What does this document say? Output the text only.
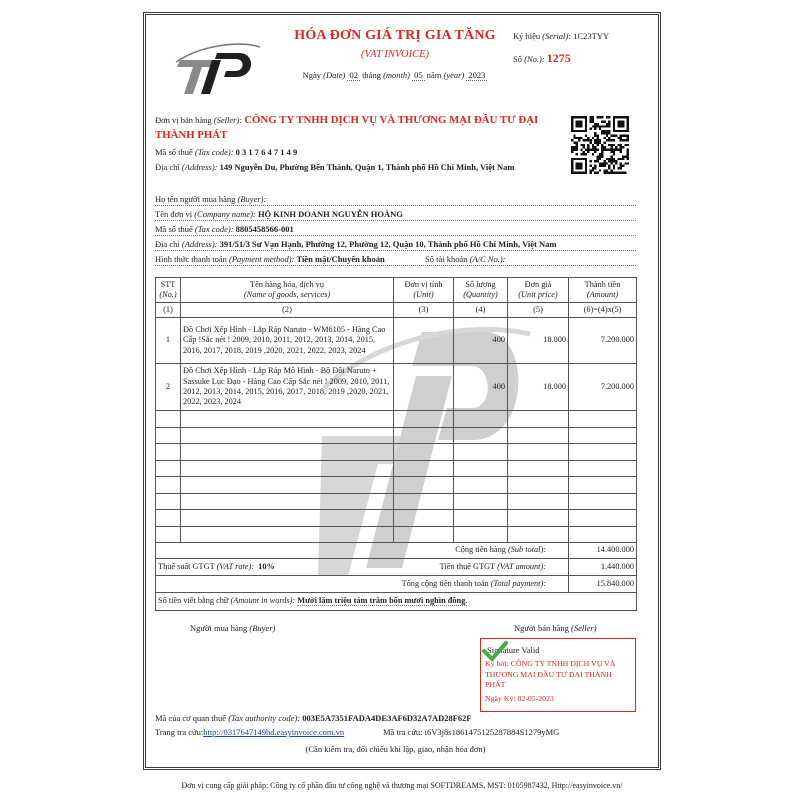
HÓA ĐƠN GIÁ TRỊ GIA TĂNG
(VAT INVOICE)
Ngày (Date) 02 tháng (month) 05 năm (year) 2023
Ký hiệu (Serial): 1C23TYY
Số (No.): 1275
Đơn vị bán hàng (Seller): CÔNG TY TNHH DỊCH VỤ VÀ THƯƠNG MẠI ĐẦU TƯ ĐẠI THÀNH PHÁT
Mã số thuế (Tax code): 0 3 1 7 6 4 7 1 4 9
Địa chỉ (Address): 149 Nguyễn Du, Phường Bến Thành, Quận 1, Thành phố Hồ Chí Minh, Việt Nam
Họ tên người mua hàng (Buyer):
Tên đơn vị (Company name): HỘ KINH DOANH NGUYỄN HOÀNG
Mã số thuế (Tax code): 8805458566-001
Địa chỉ (Address): 391/51/3 Sư Vạn Hạnh, Phường 12, Phường 12, Quận 10, Thành phố Hồ Chí Minh, Việt Nam
Hình thức thanh toán (Payment method): Tiền mặt/Chuyển khoản	Số tài khoản (A/C No.):
STT
(No.)	Tên hàng hóa, dịch vụ
(Name of goods, services)	Đơn vị tính
(Unit)	Số lượng
(Quantity)	Đơn giá
(Unit price)	Thành tiền
(Amount)

(1)	(2)	(3)	(4)	(5)	(6)=(4)x(5)
1	Đồ Chơi Xếp Hình - Lắp Ráp Naruto - WM6105 - Hàng Cao Cấp !Sắc nét ! 2009, 2010, 2011, 2012, 2013, 2014, 2015, 2016, 2017, 2018, 2019 ,2020, 2021, 2022, 2023, 2024		400	18.000	7.200.000
2	Đồ Chơi Xếp Hình - Lắp Ráp Mô Hình - Bộ Đôi Naruto + Sassuke Lục Đạo - Hàng Cao Cấp Sắc nét ! 2009, 2010, 2011, 2012, 2013, 2014, 2015, 2016, 2017, 2018, 2019 ,2020, 2021, 2022, 2023, 2024		400	18.000	7.200.000

Cộng tiền hàng (Sub total):					14.400.000

Thuế suất GTGT (VAT rate): 10% Tiền thuế GTGT (VAT amount):					1.440.000
Tổng cộng tiền thanh toán (Total payment):					15.840.000
Số tiền viết bằng chữ (Amount in words): Mười lăm triệu tám trăm bốn mươi nghìn đồng.					
Người mua hàng (Buyer)	Người bán hàng (Seller)
Signature Valid
Ký bởi: CÔNG TY TNHH DỊCH VỤ VÀ THƯƠNG MẠI ĐẦU TƯ ĐẠI THÀNH PHÁT
Ngày Ký: 02-05-2023
Mã của cơ quan thuế (Tax authority code): 003E5A7351FADA4DE3AF6D32A7AD28F62F
Trang tra cứu:http://0317647149hd.easyinvoice.com.vn	Mã tra cứu: i6V3j8s1861475125287884S1279yMG
(Cần kiểm tra, đối chiếu khi lập, giao, nhận hóa đơn)
Đơn vị cung cấp giải pháp: Công ty cổ phần đầu tư công nghệ và thương mại SOFTDREAMS, MST: 0105987432, Http://easyinvoice.vn/
